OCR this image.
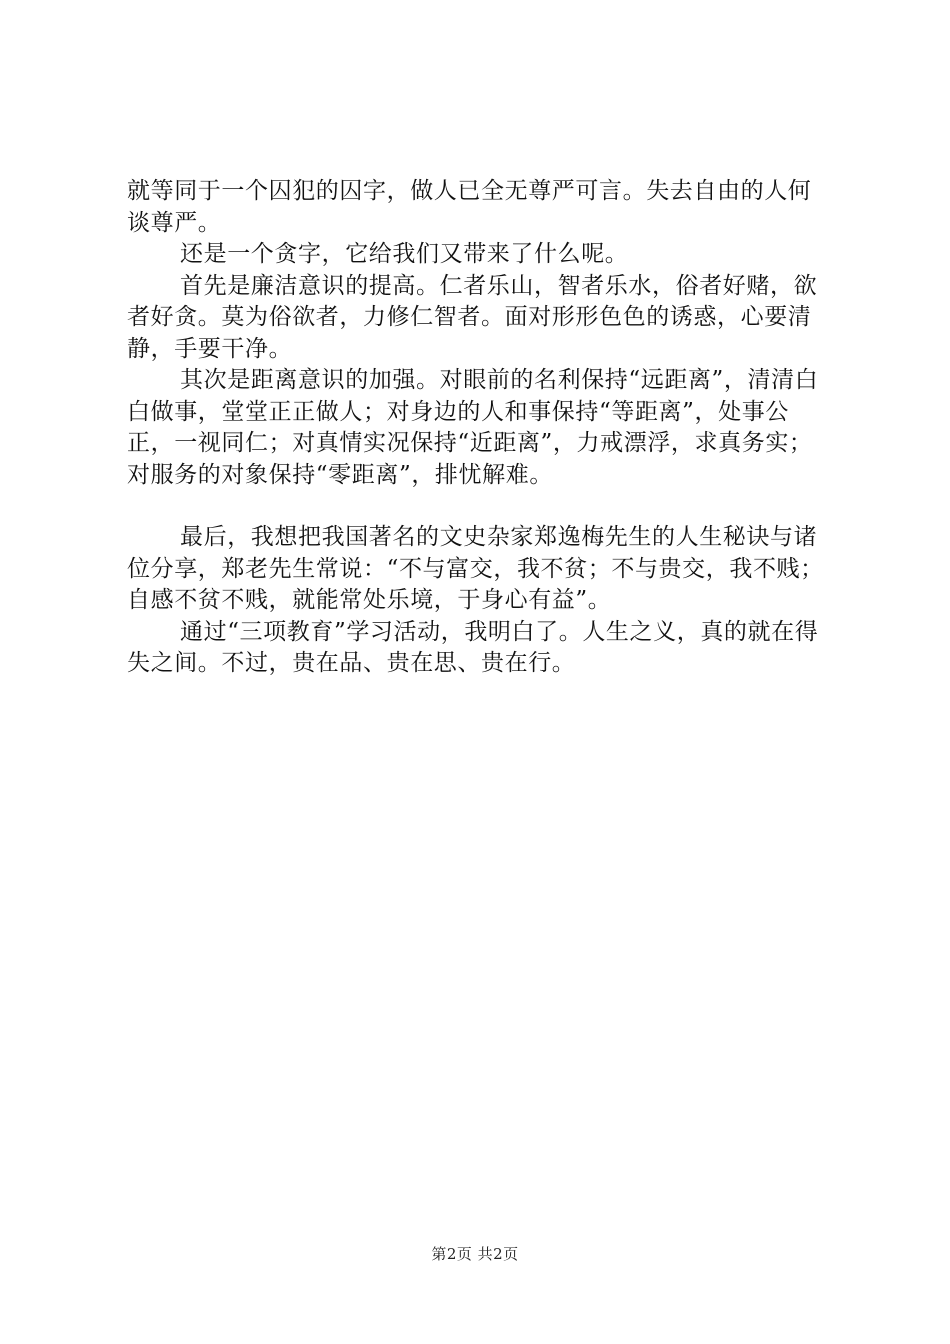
就等同于一个囚犯的囚字，做人已全无尊严可言。失去自由的人何谈尊严。

还是一个贪字，它给我们又带来了什么呢。

首先是廉洁意识的提高。仁者乐山，智者乐水，俗者好赌，欲者好贪。莫为俗欲者，力修仁智者。面对形形色色的诱惑，心要清静，手要干净。

其次是距离意识的加强。对眼前的名利保持“远距离”，清清白白做事，堂堂正正做人；对身边的人和事保持“等距离”，处事公正，一视同仁；对真情实况保持“近距离”，力戒漂浮，求真务实；对服务的对象保持“零距离”，排忧解难。

最后，我想把我国著名的文史杂家郑逸梅先生的人生秘诀与诸位分享，郑老先生常说：“不与富交，我不贫；不与贵交，我不贱；自感不贫不贱，就能常处乐境，于身心有益”。

通过“三项教育”学习活动，我明白了。人生之义，真的就在得失之间。不过，贵在品、贵在思、贵在行。

第2页 共2页
